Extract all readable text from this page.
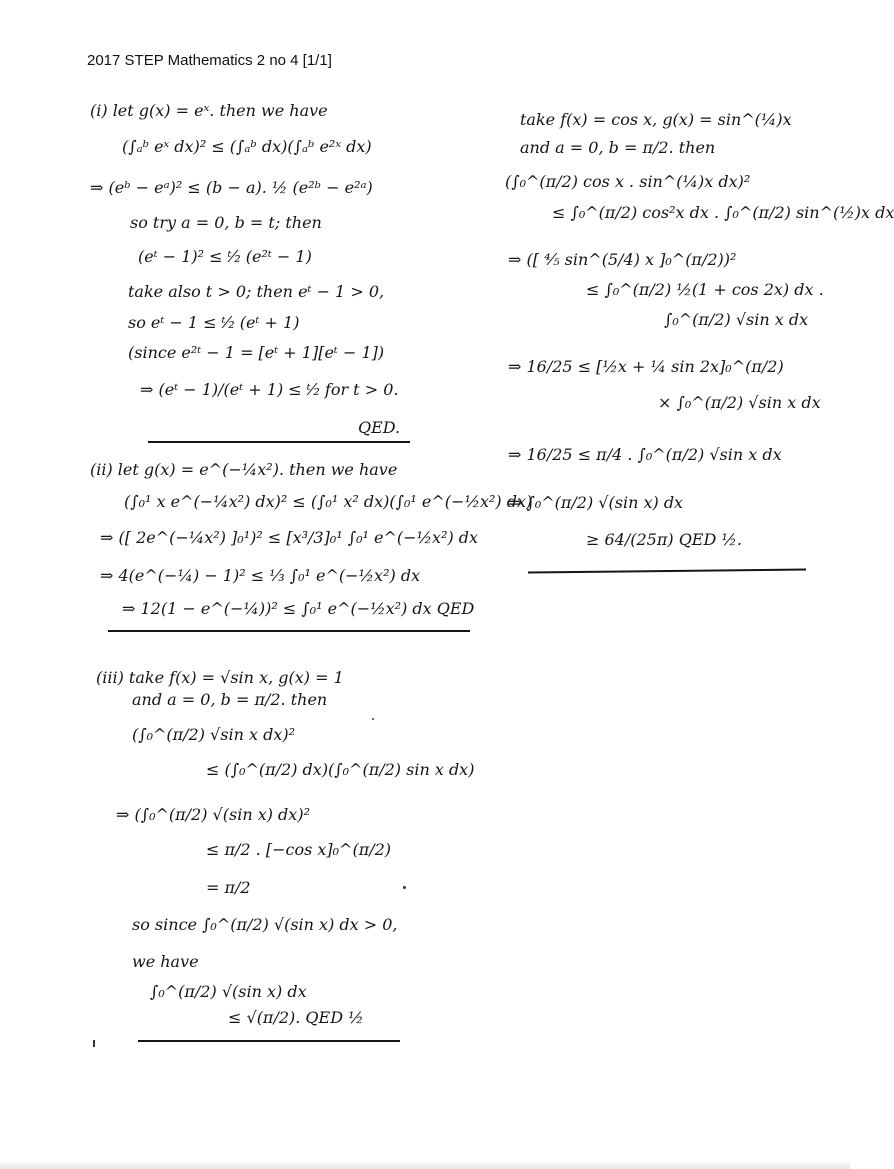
2017 STEP Mathematics 2 no 4 [1/1]
(i) let g(x) = eˣ. then we have
(∫ₐᵇ eˣ dx)² ≤ (∫ₐᵇ dx)(∫ₐᵇ e²ˣ dx)
⇒ (eᵇ − eᵃ)² ≤ (b − a). ½ (e²ᵇ − e²ᵃ)
so try a = 0, b = t; then
(eᵗ − 1)² ≤ ᵗ⁄₂ (e²ᵗ − 1)
take also t > 0; then eᵗ − 1 > 0,
so eᵗ − 1 ≤ ᵗ⁄₂ (eᵗ + 1)
(since e²ᵗ − 1 = [eᵗ + 1][eᵗ − 1])
⇒ (eᵗ − 1)/(eᵗ + 1) ≤ ᵗ⁄₂ for t > 0.
QED.
(ii) let g(x) = e^(−¼x²). then we have
(∫₀¹ x e^(−¼x²) dx)² ≤ (∫₀¹ x² dx)(∫₀¹ e^(−½x²) dx)
⇒ ([ 2e^(−¼x²) ]₀¹)² ≤ [x³/3]₀¹ ∫₀¹ e^(−½x²) dx
⇒ 4(e^(−¼) − 1)² ≤ ⅓ ∫₀¹ e^(−½x²) dx
⇒ 12(1 − e^(−¼))² ≤ ∫₀¹ e^(−½x²) dx QED
(iii) take f(x) = √sin x, g(x) = 1
and a = 0, b = π/2. then
(∫₀^(π/2) √sin x dx)²
≤ (∫₀^(π/2) dx)(∫₀^(π/2) sin x dx)
⇒ (∫₀^(π/2) √(sin x) dx)²
≤ π/2 . [−cos x]₀^(π/2)
= π/2
so since ∫₀^(π/2) √(sin x) dx > 0,
we have
∫₀^(π/2) √(sin x) dx
≤ √(π/2). QED ½
take f(x) = cos x, g(x) = sin^(¼)x
and a = 0, b = π/2. then
(∫₀^(π/2) cos x . sin^(¼)x dx)²
≤ ∫₀^(π/2) cos²x dx . ∫₀^(π/2) sin^(½)x dx
⇒ ([ ⅘ sin^(5/4) x ]₀^(π/2))²
≤ ∫₀^(π/2) ½(1 + cos 2x) dx .
∫₀^(π/2) √sin x dx
⇒ 16/25 ≤ [½x + ¼ sin 2x]₀^(π/2)
× ∫₀^(π/2) √sin x dx
⇒ 16/25 ≤ π/4 . ∫₀^(π/2) √sin x dx
⇒ ∫₀^(π/2) √(sin x) dx
≥ 64/(25π) QED ½.
